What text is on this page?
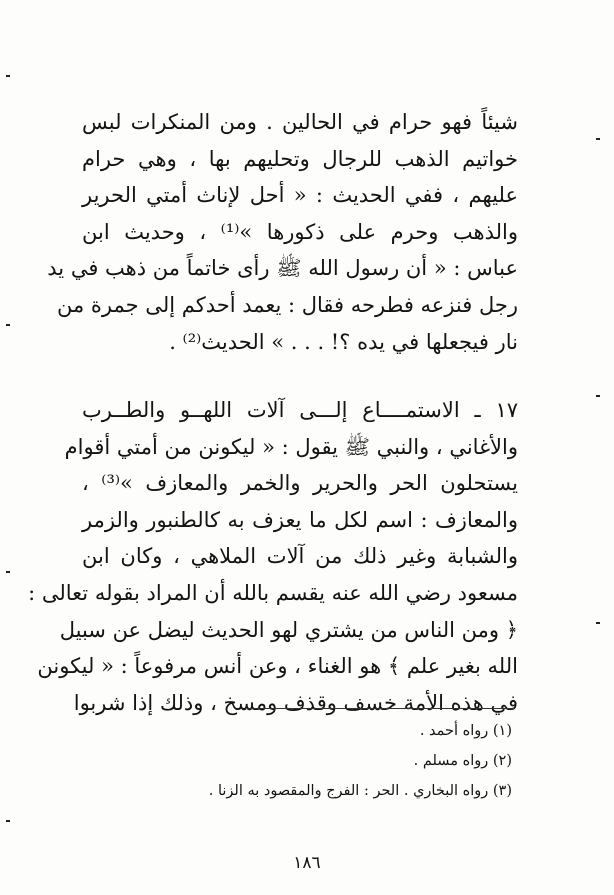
شيئاً فهو حرام في الحالين . ومن المنكرات لبس
خواتيم الذهب للرجال وتحليهم بها ، وهي حرام
عليهم ، ففي الحديث : « أحل لإناث أمتي الحرير
والذهب وحرم على ذكورها »⁽¹⁾ ، وحديث ابن
عباس : « أن رسول الله ﷺ رأى خاتماً من ذهب في يد
رجل فنزعه فطرحه فقال : يعمد أحدكم إلى جمرة من
نار فيجعلها في يده ؟! . . . » الحديث⁽²⁾ .
١٧ ـ الاستمــــاع إلـــى آلات اللهــو والطــرب
والأغاني ، والنبي ﷺ يقول : « ليكونن من أمتي أقوام
يستحلون الحر والحرير والخمر والمعازف »⁽³⁾ ،
والمعازف : اسم لكل ما يعزف به كالطنبور والزمر
والشبابة وغير ذلك من آلات الملاهي ، وكان ابن
مسعود رضي الله عنه يقسم بالله أن المراد بقوله تعالى :
﴿ ومن الناس من يشتري لهو الحديث ليضل عن سبيل
الله بغير علم ﴾ هو الغناء ، وعن أنس مرفوعاً : « ليكونن
في هذه الأمة خسف وقذف ومسخ ، وذلك إذا شربوا
(١) رواه أحمد .
(٢) رواه مسلم .
(٣) رواه البخاري . الحر : الفرج والمقصود به الزنا .
١٨٦
